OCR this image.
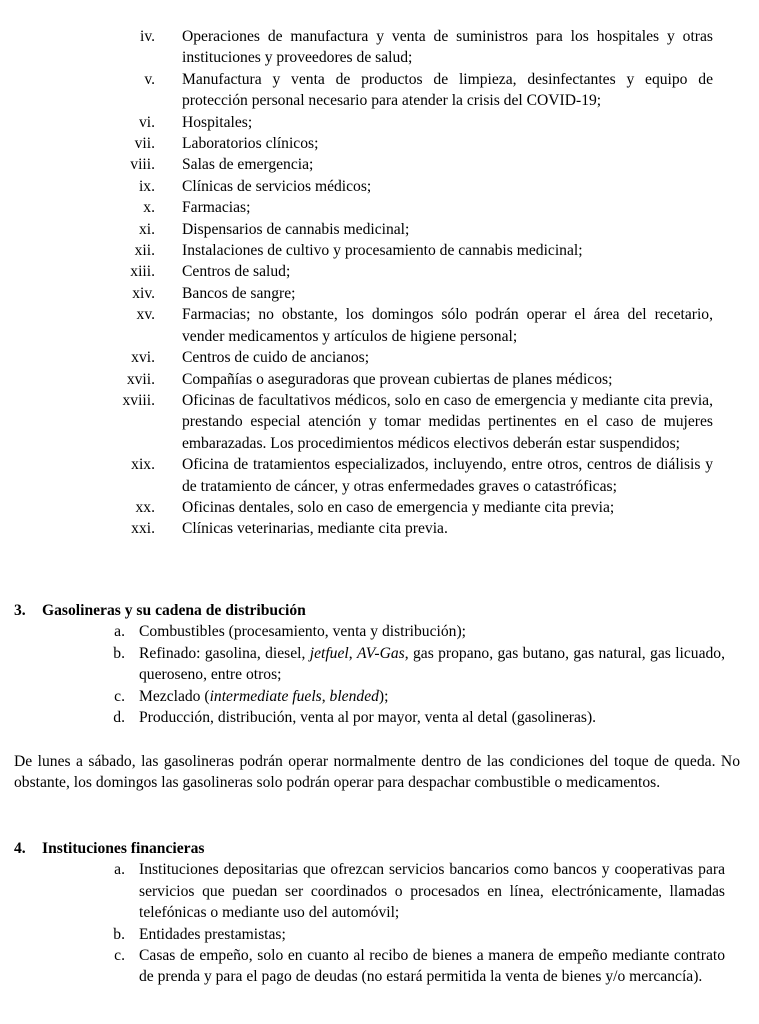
iv.	Operaciones de manufactura y venta de suministros para los hospitales y otras instituciones y proveedores de salud;
v.	Manufactura y venta de productos de limpieza, desinfectantes y equipo de protección personal necesario para atender la crisis del COVID-19;
vi.	Hospitales;
vii.	Laboratorios clínicos;
viii.	Salas de emergencia;
ix.	Clínicas de servicios médicos;
x.	Farmacias;
xi.	Dispensarios de cannabis medicinal;
xii.	Instalaciones de cultivo y procesamiento de cannabis medicinal;
xiii.	Centros de salud;
xiv.	Bancos de sangre;
xv.	Farmacias; no obstante, los domingos sólo podrán operar el área del recetario, vender medicamentos y artículos de higiene personal;
xvi.	Centros de cuido de ancianos;
xvii.	Compañías o aseguradoras que provean cubiertas de planes médicos;
xviii.	Oficinas de facultativos médicos, solo en caso de emergencia y mediante cita previa, prestando especial atención y tomar medidas pertinentes en el caso de mujeres embarazadas. Los procedimientos médicos electivos deberán estar suspendidos;
xix.	Oficina de tratamientos especializados, incluyendo, entre otros, centros de diálisis y de tratamiento de cáncer, y otras enfermedades graves o catastróficas;
xx.	Oficinas dentales, solo en caso de emergencia y mediante cita previa;
xxi.	Clínicas veterinarias, mediante cita previa.
3.	Gasolineras y su cadena de distribución
a. Combustibles (procesamiento, venta y distribución);
b. Refinado: gasolina, diesel, jetfuel, AV-Gas, gas propano, gas butano, gas natural, gas licuado, queroseno, entre otros;
c. Mezclado (intermediate fuels, blended);
d. Producción, distribución, venta al por mayor, venta al detal (gasolineras).
De lunes a sábado, las gasolineras podrán operar normalmente dentro de las condiciones del toque de queda. No obstante, los domingos las gasolineras solo podrán operar para despachar combustible o medicamentos.
4.	Instituciones financieras
a. Instituciones depositarias que ofrezcan servicios bancarios como bancos y cooperativas para servicios que puedan ser coordinados o procesados en línea, electrónicamente, llamadas telefónicas o mediante uso del automóvil;
b. Entidades prestamistas;
c. Casas de empeño, solo en cuanto al recibo de bienes a manera de empeño mediante contrato de prenda y para el pago de deudas (no estará permitida la venta de bienes y/o mercancía).
